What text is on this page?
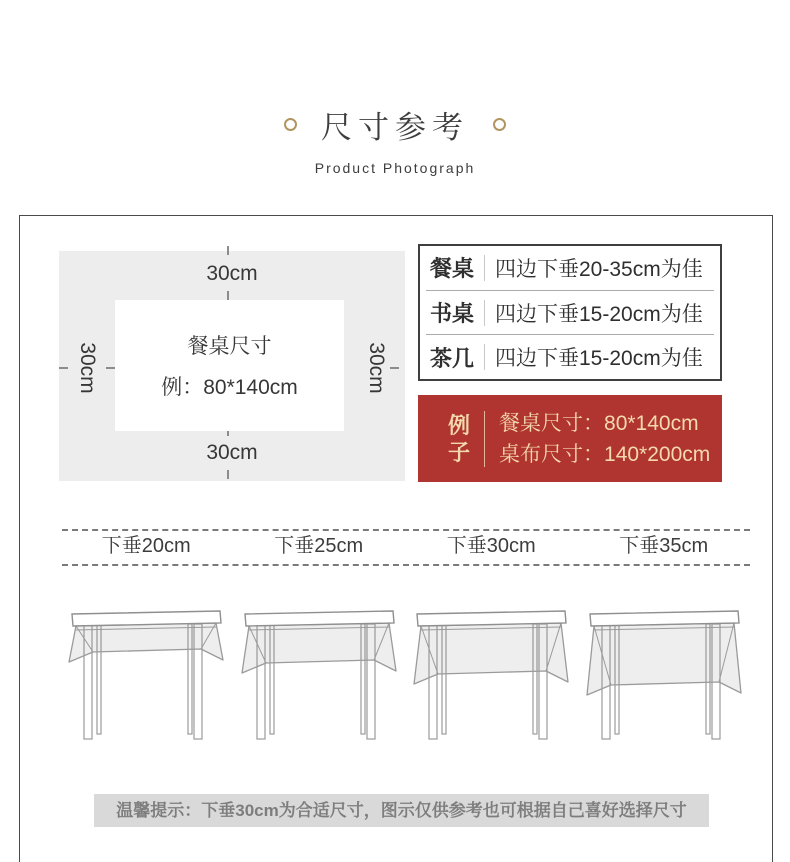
尺寸参考
Product Photograph
30cm
30cm
30cm	30cm
餐桌尺寸
例：80*140cm
餐桌	四边下垂20-35cm为佳
书桌	四边下垂15-20cm为佳
茶几	四边下垂15-20cm为佳
例
子
餐桌尺寸：80*140cm
桌布尺寸：140*200cm
下垂20cm	下垂25cm	下垂30cm	下垂35cm
温馨提示：下垂30cm为合适尺寸，图示仅供参考也可根据自己喜好选择尺寸
